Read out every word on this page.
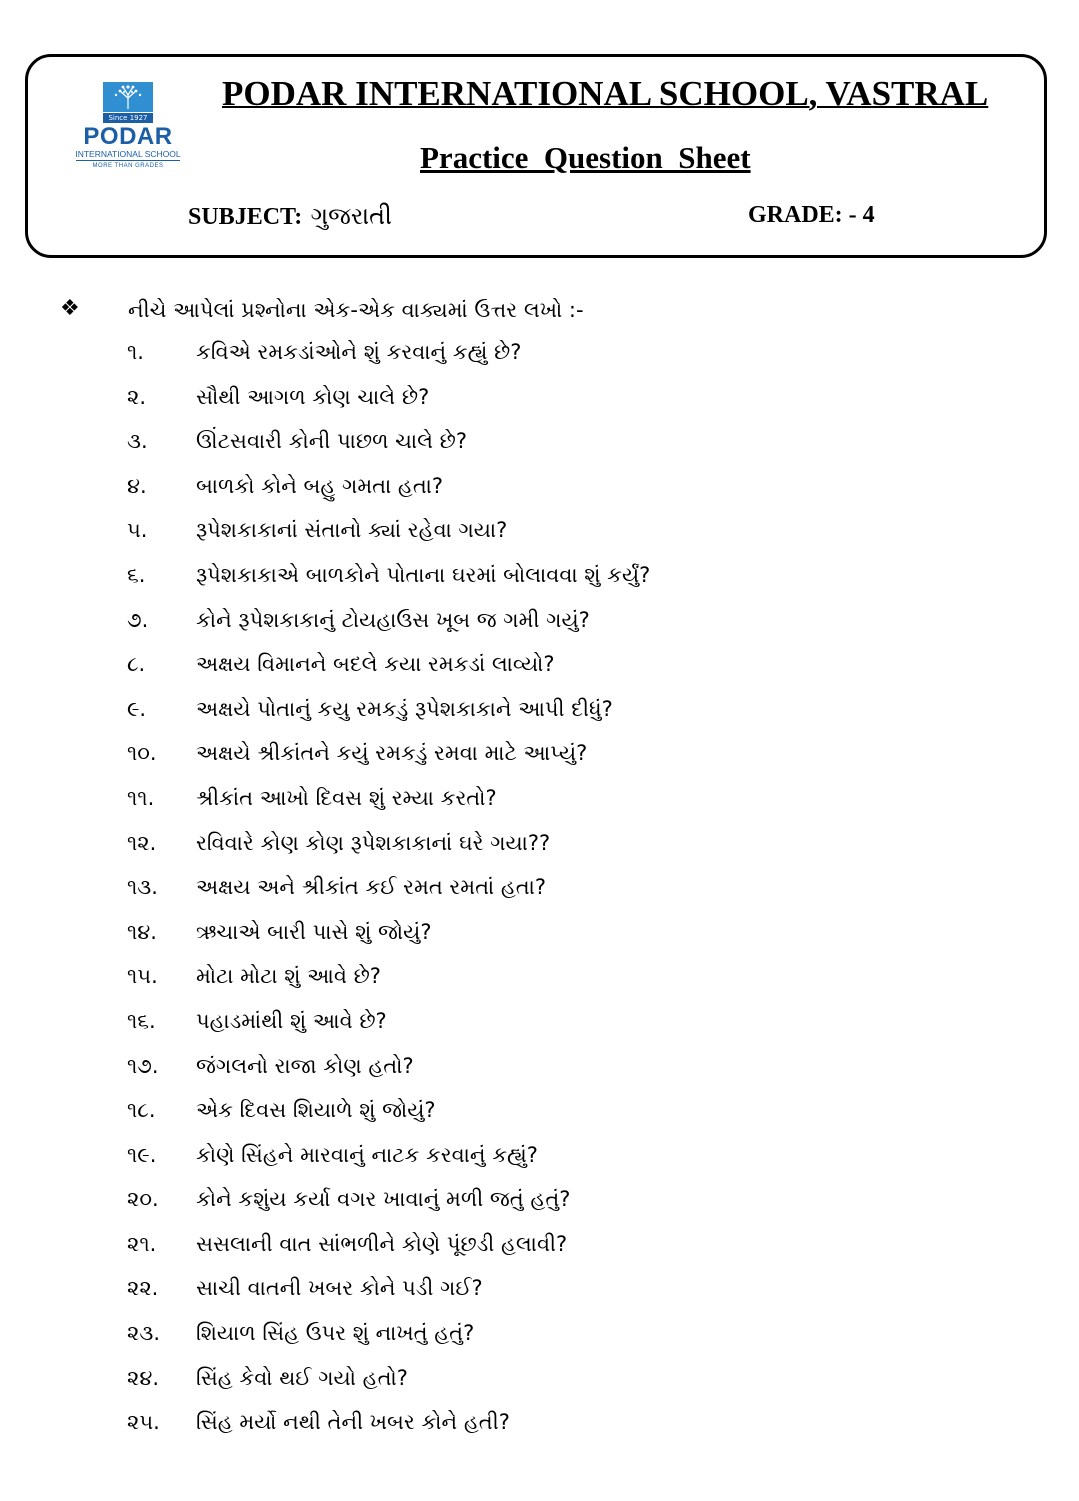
Since 1927
PODAR
INTERNATIONAL SCHOOL
MORE THAN GRADES
PODAR INTERNATIONAL SCHOOL, VASTRAL
Practice  Question  Sheet
SUBJECT: ગુજરાતી	GRADE: - 4
❖ નીચે આપેલાં પ્રશ્નોના એક-એક વાક્યમાં ઉત્તર લખો :-
૧. કવિએ રમકડાંઓને શું કરવાનું કહ્યું છે?
૨. સૌથી આગળ કોણ ચાલે છે?
૩. ઊંટસવારી કોની પાછળ ચાલે છે?
૪. બાળકો કોને બહુ ગમતા હતા?
૫. રૂપેશકાકાનાં સંતાનો ક્યાં રહેવા ગયા?
૬. રૂપેશકાકાએ બાળકોને પોતાના ઘરમાં બોલાવવા શું કર્યું?
૭. કોને રૂપેશકાકાનું ટોયહાઉસ ખૂબ જ ગમી ગયું?
૮. અક્ષય વિમાનને બદલે કયા રમકડાં લાવ્યો?
૯. અક્ષયે પોતાનું કયુ રમકડું રૂપેશકાકાને આપી દીધું?
૧૦. અક્ષયે શ્રીકાંતને કયું રમકડું રમવા માટે આપ્યું?
૧૧. શ્રીકાંત આખો દિવસ શું રમ્યા કરતો?
૧૨. રવિવારે કોણ કોણ રૂપેશકાકાનાં ઘરે ગયા??
૧૩. અક્ષય અને શ્રીકાંત કઈ રમત રમતાં હતા?
૧૪. ઋચાએ બારી પાસે શું જોયું?
૧૫. મોટા મોટા શું આવે છે?
૧૬. પહાડમાંથી શું આવે છે?
૧૭. જંગલનો રાજા કોણ હતો?
૧૮. એક દિવસ શિયાળે શું જોયું?
૧૯. કોણે સિંહને મારવાનું નાટક કરવાનું કહ્યું?
૨૦. કોને કશુંય કર્યા વગર ખાવાનું મળી જતું હતું?
૨૧. સસલાની વાત સાંભળીને કોણે પૂંછડી હલાવી?
૨૨. સાચી વાતની ખબર કોને પડી ગઈ?
૨૩. શિયાળ સિંહ ઉપર શું નાખતું હતું?
૨૪. સિંહ કેવો થઈ ગયો હતો?
૨૫. સિંહ મર્યો નથી તેની ખબર કોને હતી?
